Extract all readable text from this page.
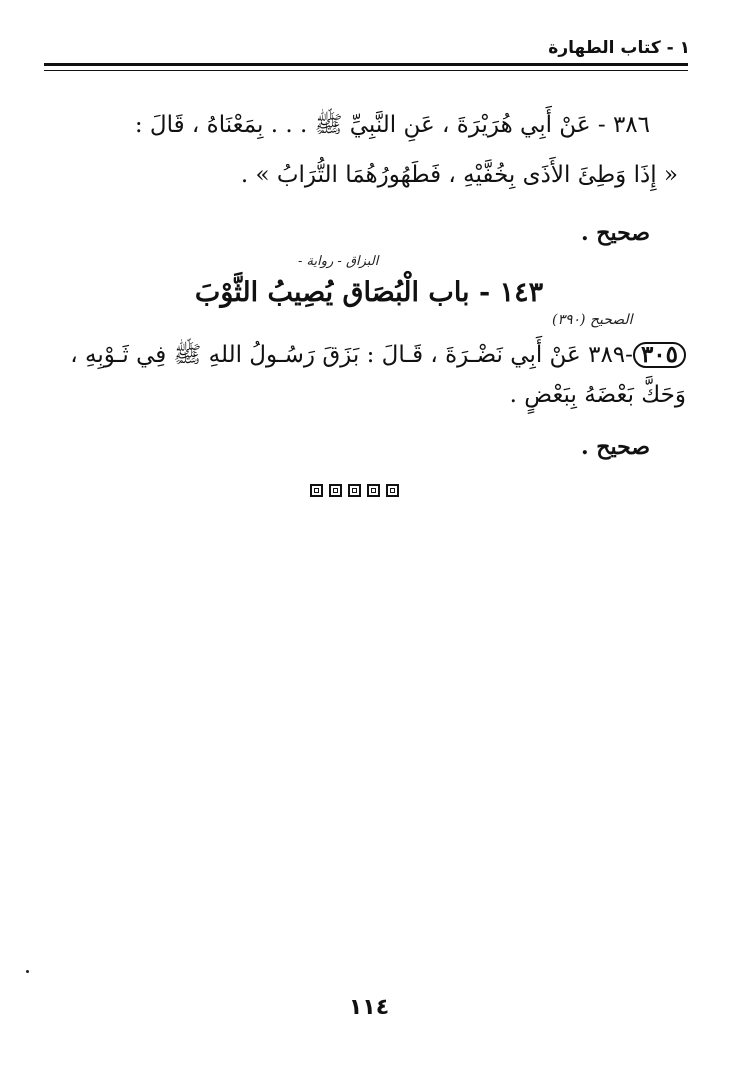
١ - كتاب الطهارة
٣٨٦ - عَنْ أَبِي هُرَيْرَةَ ، عَنِ النَّبِيِّ ﷺ . . . بِمَعْنَاهُ ، قَالَ :
« إِذَا وَطِئَ الأَذَى بِخُفَّيْهِ ، فَطَهُورُهُمَا التُّرَابُ » .
صحيح .
البزاق - رواية -
١٤٣ - باب الْبُصَاق يُصِيبُ الثَّوْبَ
الصحيح (٣٩٠)
٣٠٥-٣٨٩ عَنْ أَبِي نَضْـرَةَ ، قَـالَ : بَزَقَ رَسُـولُ اللهِ ﷺ فِي ثَـوْبِهِ ،
وَحَكَّ بَعْضَهُ بِبَعْضٍ .
صحيح .
١١٤
